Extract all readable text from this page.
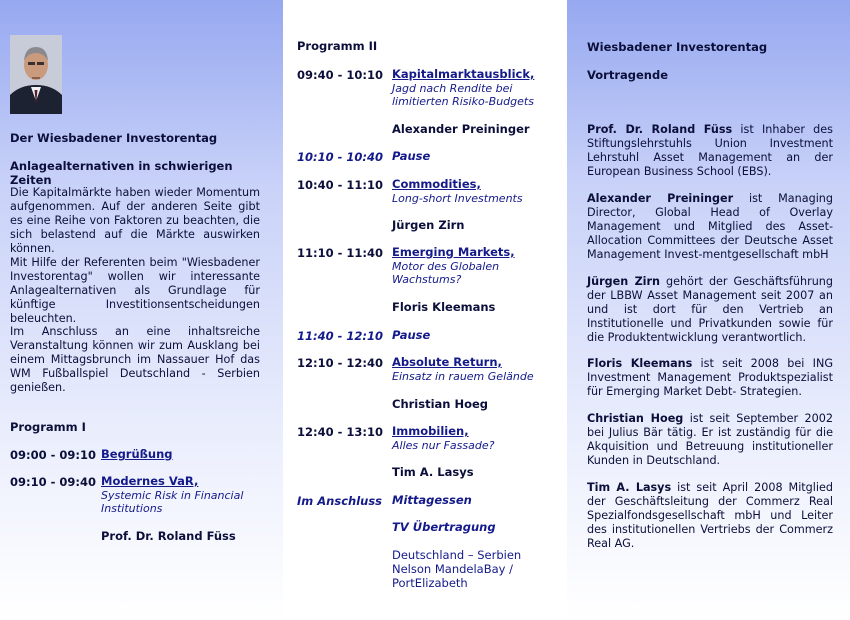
Der Wiesbadener Investorentag
Anlagealternativen in schwierigen Zeiten
Die Kapitalmärkte haben wieder Momentum aufgenommen. Auf der anderen Seite gibt es eine Reihe von Faktoren zu beachten, die sich belastend auf die Märkte auswirken können.
Mit Hilfe der Referenten beim "Wiesbadener Investorentag" wollen wir interessante Anlagealternativen als Grundlage für künftige Investitionsentscheidungen beleuchten.
Im Anschluss an eine inhaltsreiche Veranstaltung können wir zum Ausklang bei einem Mittagsbrunch im Nassauer Hof das WM Fußballspiel Deutschland - Serbien genießen.
Programm I
09:00 - 09:10 Begrüßung
09:10 - 09:40 Modernes VaR,
Systemic Risk in Financial Institutions
Prof. Dr. Roland Füss
Programm II
09:40 - 10:10 Kapitalmarktausblick,
Jagd nach Rendite bei limitierten Risiko-Budgets
Alexander Preininger
10:10 - 10:40 Pause
10:40 - 11:10 Commodities,
Long-short Investments
Jürgen Zirn
11:10 - 11:40 Emerging Markets,
Motor des Globalen Wachstums?
Floris Kleemans
11:40 - 12:10 Pause
12:10 - 12:40 Absolute Return,
Einsatz in rauem Gelände
Christian Hoeg
12:40 - 13:10 Immobilien,
Alles nur Fassade?
Tim A. Lasys
Im Anschluss Mittagessen
TV Übertragung
Deutschland – Serbien
Nelson MandelaBay /
PortElizabeth
Wiesbadener Investorentag
Vortragende
Prof. Dr. Roland Füss ist Inhaber des Stiftungslehrstuhls Union Investment Lehrstuhl Asset Management an der European Business School (EBS).
Alexander Preininger ist Managing Director, Global Head of Overlay Management und Mitglied des Asset-Allocation Committees der Deutsche Asset Management Invest-mentgesellschaft mbH
Jürgen Zirn gehört der Geschäftsführung der LBBW Asset Management seit 2007 an und ist dort für den Vertrieb an Institutionelle und Privatkunden sowie für die Produktentwicklung verantwortlich.
Floris Kleemans ist seit 2008 bei ING Investment Management Produktspezialist für Emerging Market Debt- Strategien.
Christian Hoeg ist seit September 2002 bei Julius Bär tätig. Er ist zuständig für die Akquisition und Betreuung institutioneller Kunden in Deutschland.
Tim A. Lasys ist seit April 2008 Mitglied der Geschäftsleitung der Commerz Real Spezialfondsgesellschaft mbH und Leiter des institutionellen Vertriebs der Commerz Real AG.
